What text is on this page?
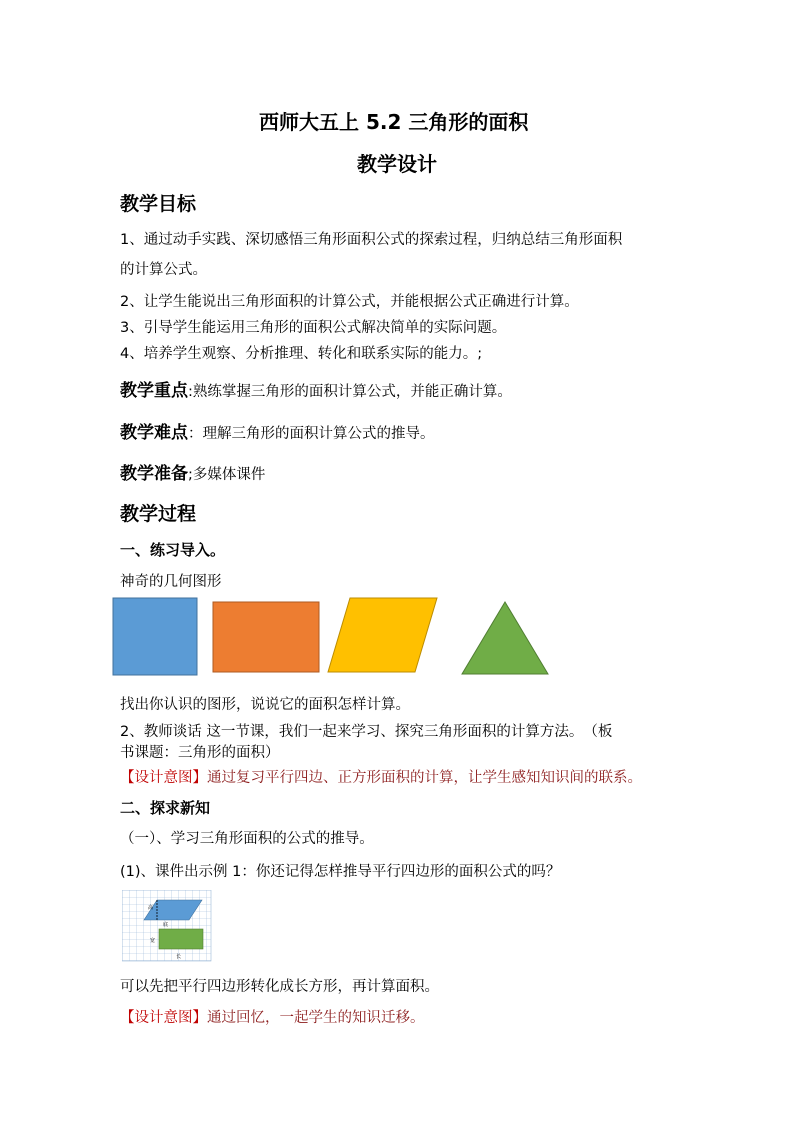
西师大五上 5.2 三角形的面积
教学设计
教学目标
1、通过动手实践、深切感悟三角形面积公式的探索过程，归纳总结三角形面积
的计算公式。
2、让学生能说出三角形面积的计算公式，并能根据公式正确进行计算。
3、引导学生能运用三角形的面积公式解决简单的实际问题。
4、培养学生观察、分析推理、转化和联系实际的能力。;
教学重点:熟练掌握三角形的面积计算公式，并能正确计算。
教学难点：理解三角形的面积计算公式的推导。
教学准备;多媒体课件
教学过程
一、练习导入。
神奇的几何图形
找出你认识的图形，说说它的面积怎样计算。
2、教师谈话 这一节课，我们一起来学习、探究三角形面积的计算方法。　（板
书课题：三角形的面积）
【设计意图】通过复习平行四边、正方形面积的计算，让学生感知知识间的联系。
二、探求新知
（一）、学习三角形面积的公式的推导。
(1)、课件出示例 1：你还记得怎样推导平行四边形的面积公式的吗？
高
底
宽
长
可以先把平行四边形转化成长方形，再计算面积。
【设计意图】通过回忆，一起学生的知识迁移。
